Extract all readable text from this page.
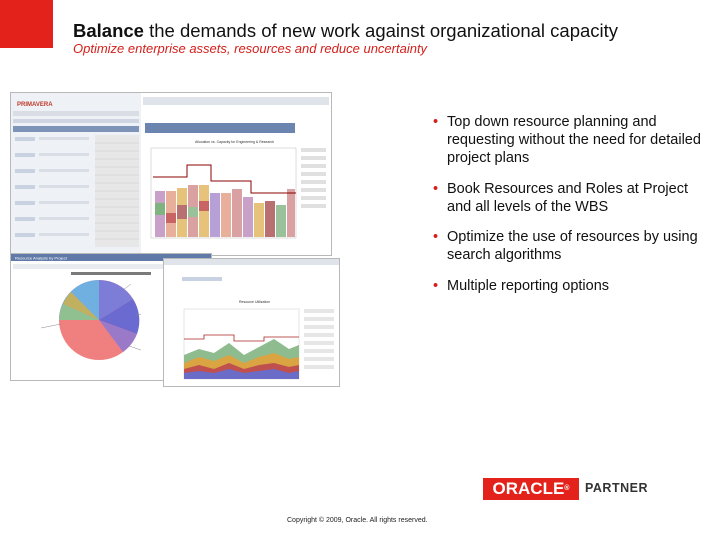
Balance the demands of new work against organizational capacity
Optimize enterprise assets, resources and reduce uncertainty
PRIMAVERA
Allocation vs. Capacity for Engineering & Research
Resource Analysis by Project
Resource Utilization
• Top down resource planning and requesting without the need for detailed project plans
• Book Resources and Roles at Project and all levels of the WBS
• Optimize the use of resources by using search algorithms
• Multiple reporting options
ORACLE®	PARTNER
Copyright © 2009, Oracle. All rights reserved.
